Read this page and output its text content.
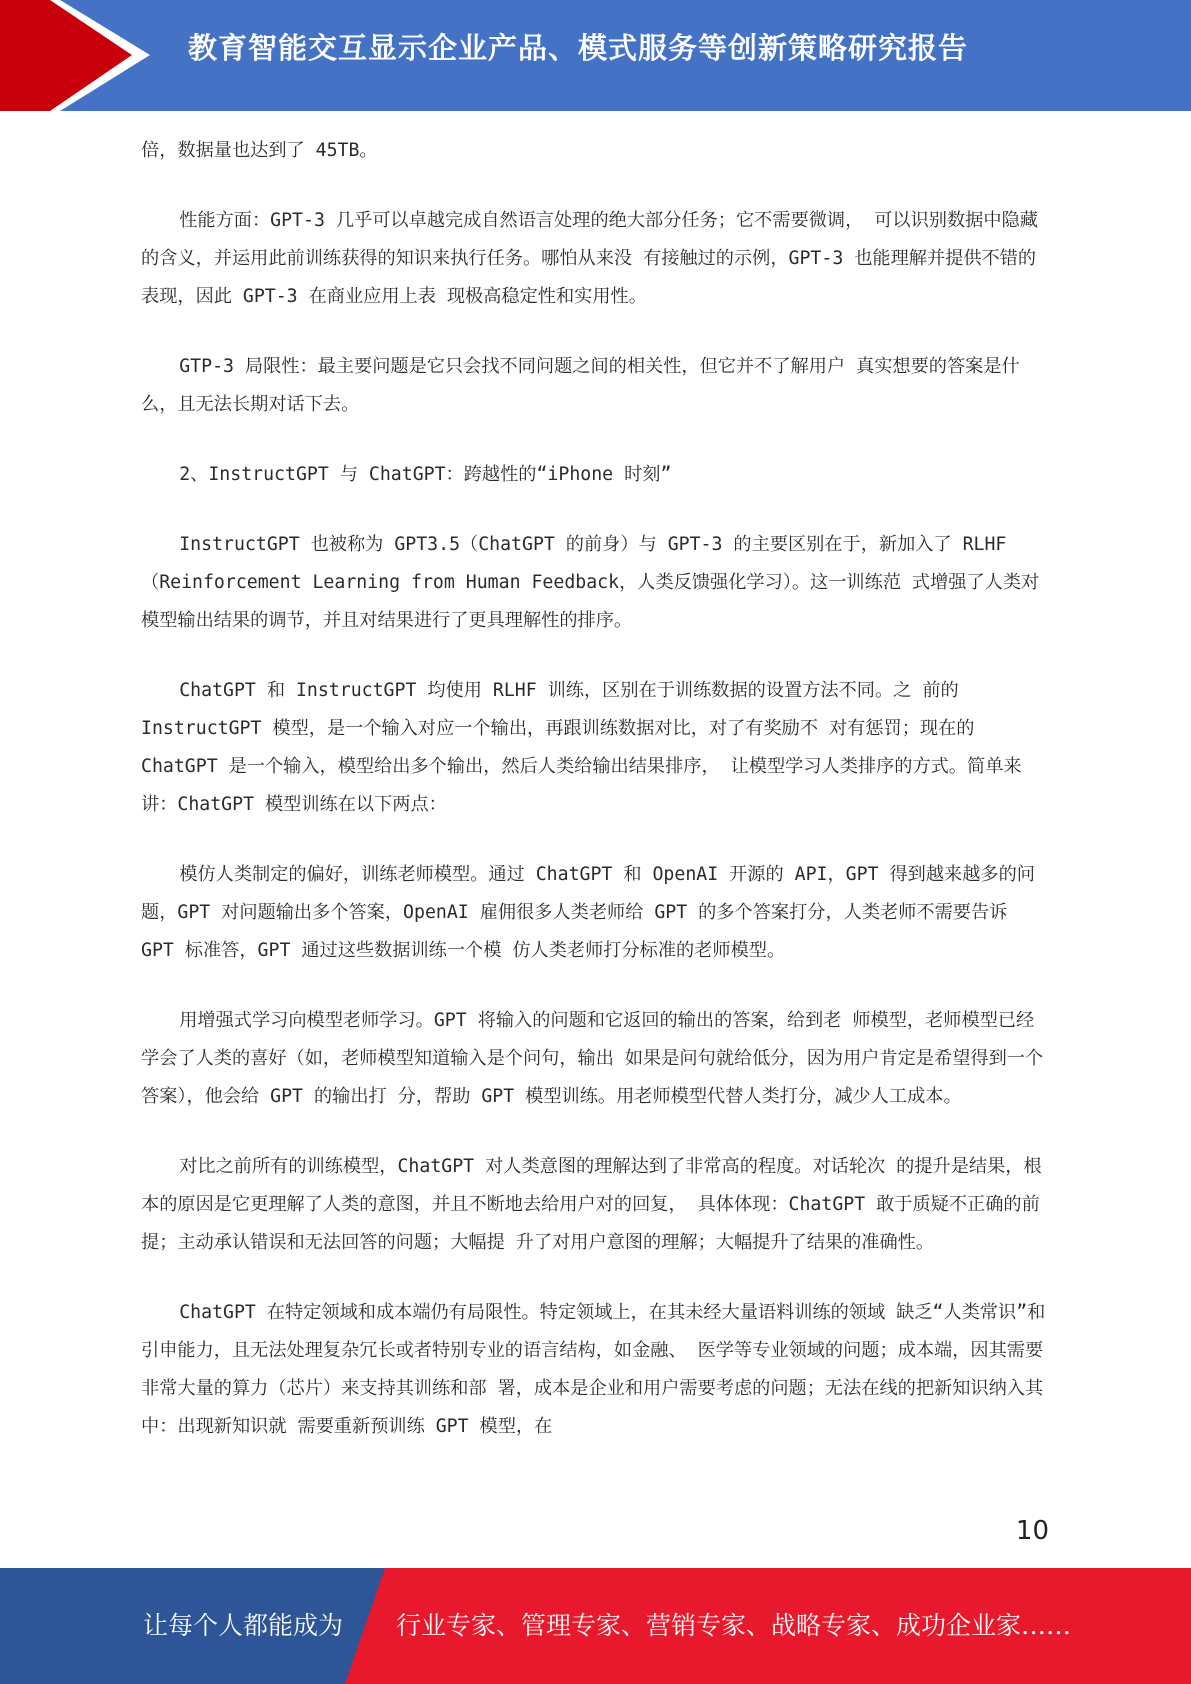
教育智能交互显示企业产品、模式服务等创新策略研究报告

倍，数据量也达到了 45TB。

性能方面：GPT-3 几乎可以卓越完成自然语言处理的绝大部分任务；它不需要微调， 可以识别数据中隐藏的含义，并运用此前训练获得的知识来执行任务。哪怕从来没 有接触过的示例，GPT-3 也能理解并提供不错的表现，因此 GPT-3 在商业应用上表 现极高稳定性和实用性。

GTP-3 局限性：最主要问题是它只会找不同问题之间的相关性，但它并不了解用户 真实想要的答案是什么，且无法长期对话下去。

2、InstructGPT 与 ChatGPT：跨越性的“iPhone 时刻”

InstructGPT 也被称为 GPT3.5（ChatGPT 的前身）与 GPT-3 的主要区别在于，新加入了 RLHF（Reinforcement Learning from Human Feedback，人类反馈强化学习）。这一训练范 式增强了人类对模型输出结果的调节，并且对结果进行了更具理解性的排序。

ChatGPT 和 InstructGPT 均使用 RLHF 训练，区别在于训练数据的设置方法不同。之 前的 InstructGPT 模型，是一个输入对应一个输出，再跟训练数据对比，对了有奖励不 对有惩罚；现在的 ChatGPT 是一个输入，模型给出多个输出，然后人类给输出结果排序， 让模型学习人类排序的方式。简单来讲：ChatGPT 模型训练在以下两点：

模仿人类制定的偏好，训练老师模型。通过 ChatGPT 和 OpenAI 开源的 API，GPT 得到越来越多的问题，GPT 对问题输出多个答案，OpenAI 雇佣很多人类老师给 GPT 的多个答案打分，人类老师不需要告诉 GPT 标准答，GPT 通过这些数据训练一个模 仿人类老师打分标准的老师模型。

用增强式学习向模型老师学习。GPT 将输入的问题和它返回的输出的答案，给到老 师模型，老师模型已经学会了人类的喜好（如，老师模型知道输入是个问句，输出 如果是问句就给低分，因为用户肯定是希望得到一个答案），他会给 GPT 的输出打 分，帮助 GPT 模型训练。用老师模型代替人类打分，减少人工成本。

对比之前所有的训练模型，ChatGPT 对人类意图的理解达到了非常高的程度。对话轮次 的提升是结果，根本的原因是它更理解了人类的意图，并且不断地去给用户对的回复， 具体体现：ChatGPT 敢于质疑不正确的前提；主动承认错误和无法回答的问题；大幅提 升了对用户意图的理解；大幅提升了结果的准确性。

ChatGPT 在特定领域和成本端仍有局限性。特定领域上，在其未经大量语料训练的领域 缺乏“人类常识”和引申能力，且无法处理复杂冗长或者特别专业的语言结构，如金融、 医学等专业领域的问题；成本端，因其需要非常大量的算力（芯片）来支持其训练和部 署，成本是企业和用户需要考虑的问题；无法在线的把新知识纳入其中：出现新知识就 需要重新预训练 GPT 模型，在

10
让每个人都能成为 行业专家、管理专家、营销专家、战略专家、成功企业家……
